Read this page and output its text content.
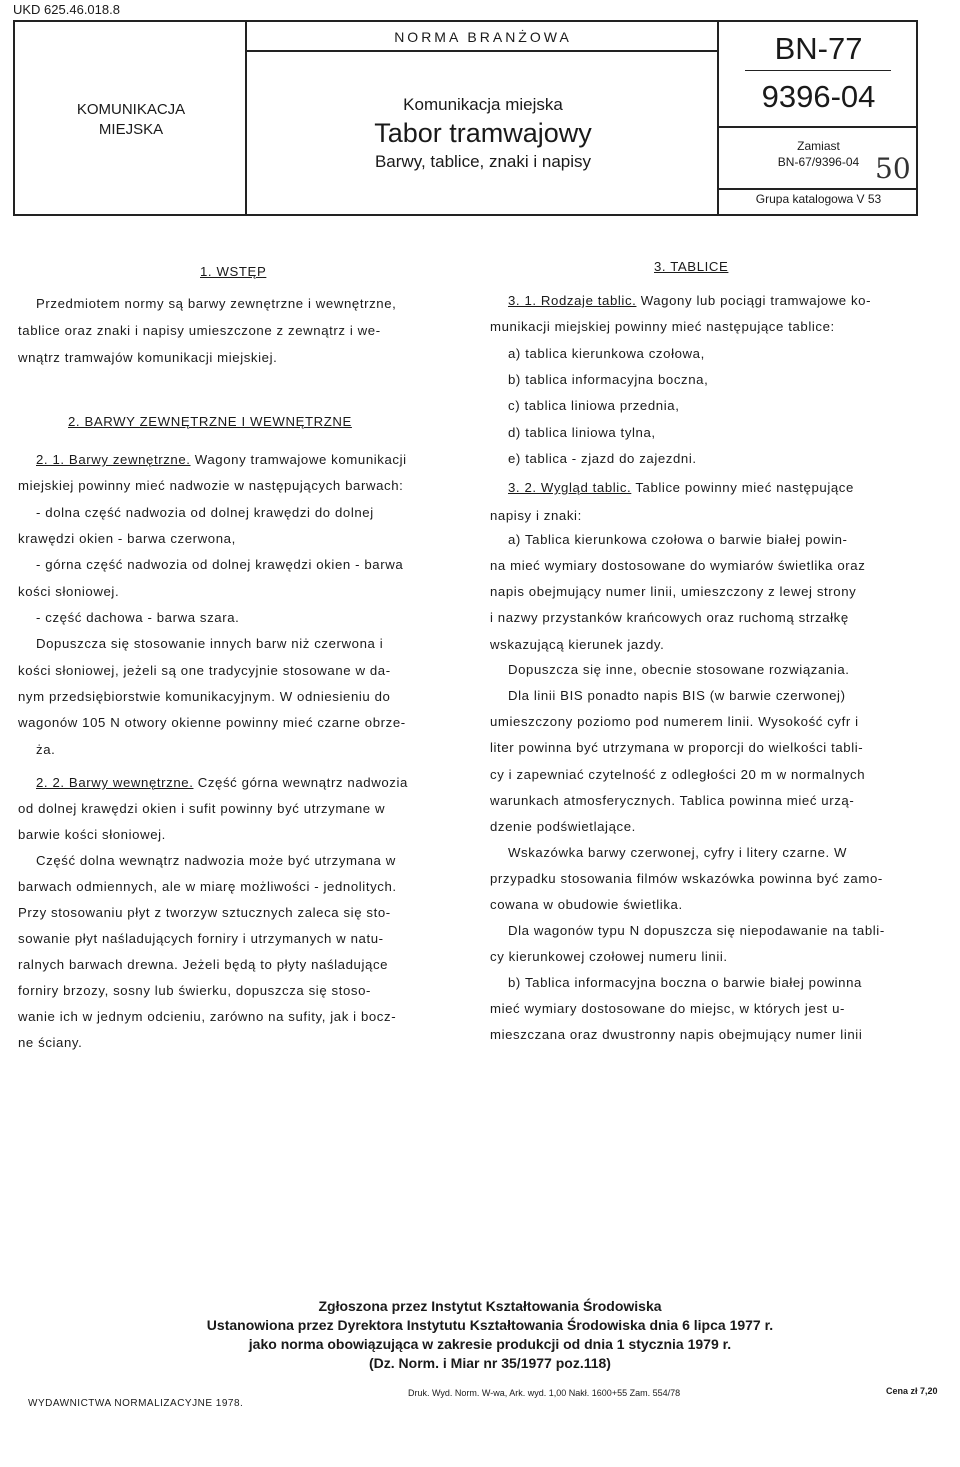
UKD 625.46.018.8
KOMUNIKACJA
MIEJSKA
NORMA BRANŻOWA
Komunikacja miejska
Tabor tramwajowy
Barwy, tablice, znaki i napisy
BN-77
9396-04
Zamiast
BN-67/9396-04 50
Grupa katalogowa V 53
1. WSTĘP
Przedmiotem normy są barwy zewnętrzne i wewnętrzne,
tablice oraz znaki i napisy umieszczone z zewnątrz i we-
wnątrz tramwajów komunikacji miejskiej.
2. BARWY ZEWNĘTRZNE I WEWNĘTRZNE
2. 1. Barwy zewnętrzne. Wagony tramwajowe komunikacji
miejskiej powinny mieć nadwozie w następujących barwach:
- dolna część nadwozia od dolnej krawędzi do dolnej
krawędzi okien - barwa czerwona,
- górna część nadwozia od dolnej krawędzi okien - barwa
kości słoniowej.
- część dachowa - barwa szara.
Dopuszcza się stosowanie innych barw niż czerwona i
kości słoniowej, jeżeli są one tradycyjnie stosowane w da-
nym przedsiębiorstwie komunikacyjnym. W odniesieniu do
wagonów 105 N otwory okienne powinny mieć czarne obrze-
ża.
2. 2. Barwy wewnętrzne. Część górna wewnątrz nadwozia
od dolnej krawędzi okien i sufit powinny być utrzymane w
barwie kości słoniowej.
Część dolna wewnątrz nadwozia może być utrzymana w
barwach odmiennych, ale w miarę możliwości - jednolitych.
Przy stosowaniu płyt z tworzyw sztucznych zaleca się sto-
sowanie płyt naśladujących forniry i utrzymanych w natu-
ralnych barwach drewna. Jeżeli będą to płyty naśladujące
forniry brzozy, sosny lub świerku, dopuszcza się stoso-
wanie ich w jednym odcieniu, zarówno na sufity, jak i bocz-
ne ściany.
3. TABLICE
3. 1. Rodzaje tablic. Wagony lub pociągi tramwajowe ko-
munikacji miejskiej powinny mieć następujące tablice:
a) tablica kierunkowa czołowa,
b) tablica informacyjna boczna,
c) tablica liniowa przednia,
d) tablica liniowa tylna,
e) tablica - zjazd do zajezdni.
3. 2. Wygląd tablic. Tablice powinny mieć następujące
napisy i znaki:
a) Tablica kierunkowa czołowa o barwie białej powin-
na mieć wymiary dostosowane do wymiarów świetlika oraz
napis obejmujący numer linii, umieszczony z lewej strony
i nazwy przystanków krańcowych oraz ruchomą strzałkę
wskazującą kierunek jazdy.
Dopuszcza się inne, obecnie stosowane rozwiązania.
Dla linii BIS ponadto napis BIS (w barwie czerwonej)
umieszczony poziomo pod numerem linii. Wysokość cyfr i
liter powinna być utrzymana w proporcji do wielkości tabli-
cy i zapewniać czytelność z odległości 20 m w normalnych
warunkach atmosferycznych. Tablica powinna mieć urzą-
dzenie podświetlające.
Wskazówka barwy czerwonej, cyfry i litery czarne. W
przypadku stosowania filmów wskazówka powinna być zamo-
cowana w obudowie świetlika.
Dla wagonów typu N dopuszcza się niepodawanie na tabli-
cy kierunkowej czołowej numeru linii.
b) Tablica informacyjna boczna o barwie białej powinna
mieć wymiary dostosowane do miejsc, w których jest u-
mieszczana oraz dwustronny napis obejmujący numer linii
Zgłoszona przez Instytut Kształtowania Środowiska
Ustanowiona przez Dyrektora Instytutu Kształtowania Środowiska dnia 6 lipca 1977 r.
jako norma obowiązująca w zakresie produkcji od dnia 1 stycznia 1979 r.
(Dz. Norm. i Miar nr 35/1977 poz.118)
WYDAWNICTWA NORMALIZACYJNE 1978.
Druk. Wyd. Norm. W-wa, Ark. wyd. 1,00 Nakł. 1600+55 Zam. 554/78	Cena zł 7,20
